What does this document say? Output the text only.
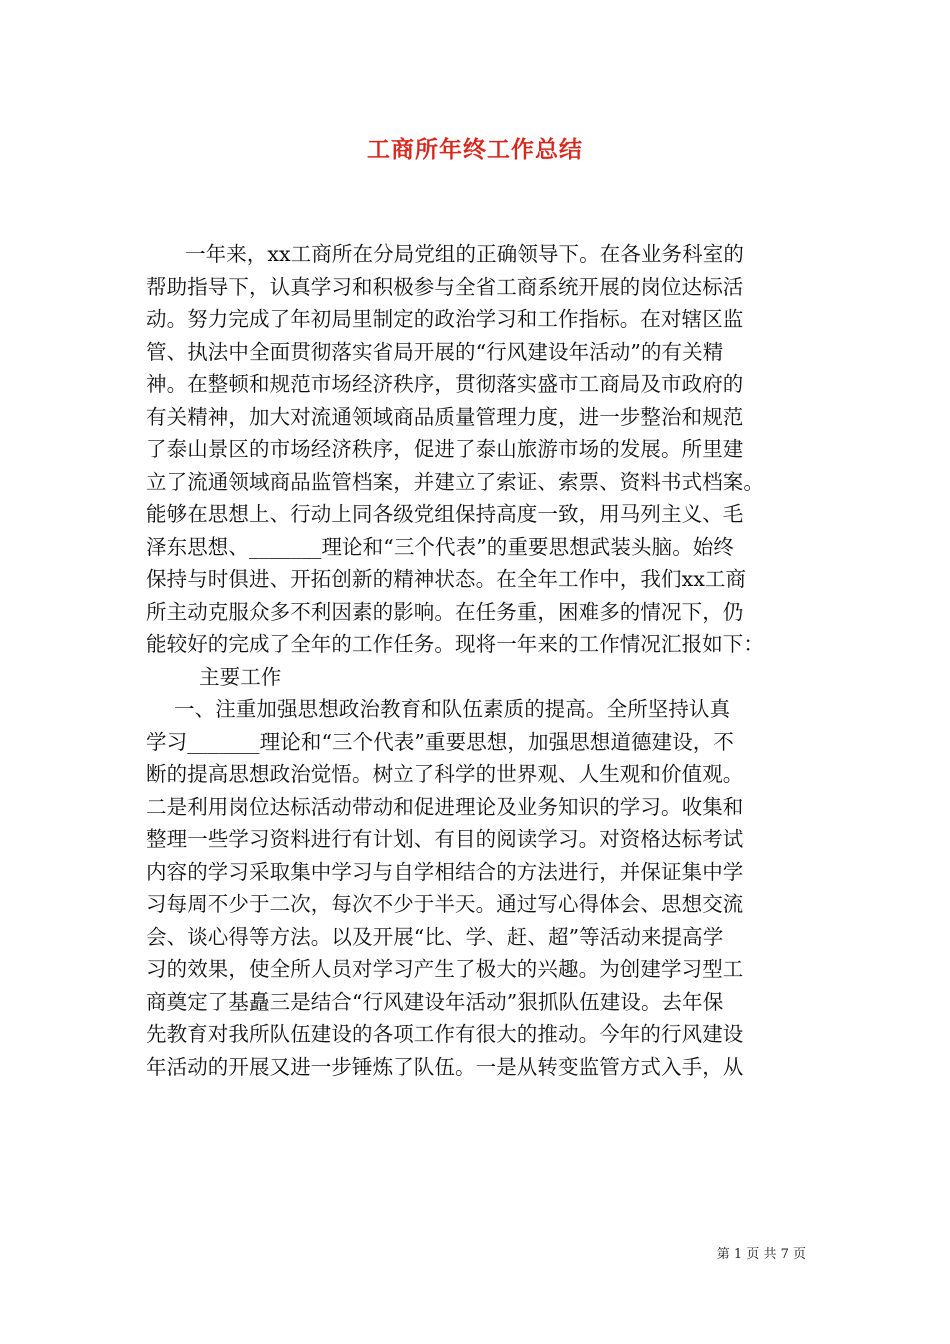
工商所年终工作总结
一年来，xx工商所在分局党组的正确领导下。在各业务科室的
帮助指导下，认真学习和积极参与全省工商系统开展的岗位达标活
动。努力完成了年初局里制定的政治学习和工作指标。在对辖区监
管、执法中全面贯彻落实省局开展的“行风建设年活动”的有关精
神。在整顿和规范市场经济秩序，贯彻落实盛市工商局及市政府的
有关精神，加大对流通领域商品质量管理力度，进一步整治和规范
了泰山景区的市场经济秩序，促进了泰山旅游市场的发展。所里建
立了流通领域商品监管档案，并建立了索证、索票、资料书式档案。
能够在思想上、行动上同各级党组保持高度一致，用马列主义、毛
泽东思想、_______理论和“三个代表”的重要思想武装头脑。始终
保持与时俱进、开拓创新的精神状态。在全年工作中，我们xx工商
所主动克服众多不利因素的影响。在任务重，困难多的情况下，仍
能较好的完成了全年的工作任务。现将一年来的工作情况汇报如下：
主要工作
一、注重加强思想政治教育和队伍素质的提高。全所坚持认真
学习_______理论和“三个代表”重要思想，加强思想道德建设，不
断的提高思想政治觉悟。树立了科学的世界观、人生观和价值观。
二是利用岗位达标活动带动和促进理论及业务知识的学习。收集和
整理一些学习资料进行有计划、有目的阅读学习。对资格达标考试
内容的学习采取集中学习与自学相结合的方法进行，并保证集中学
习每周不少于二次，每次不少于半天。通过写心得体会、思想交流
会、谈心得等方法。以及开展“比、学、赶、超”等活动来提高学
习的效果，使全所人员对学习产生了极大的兴趣。为创建学习型工
商奠定了基矗三是结合“行风建设年活动”狠抓队伍建设。去年保
先教育对我所队伍建设的各项工作有很大的推动。今年的行风建设
年活动的开展又进一步锤炼了队伍。一是从转变监管方式入手，从
第 1 页 共 7 页
